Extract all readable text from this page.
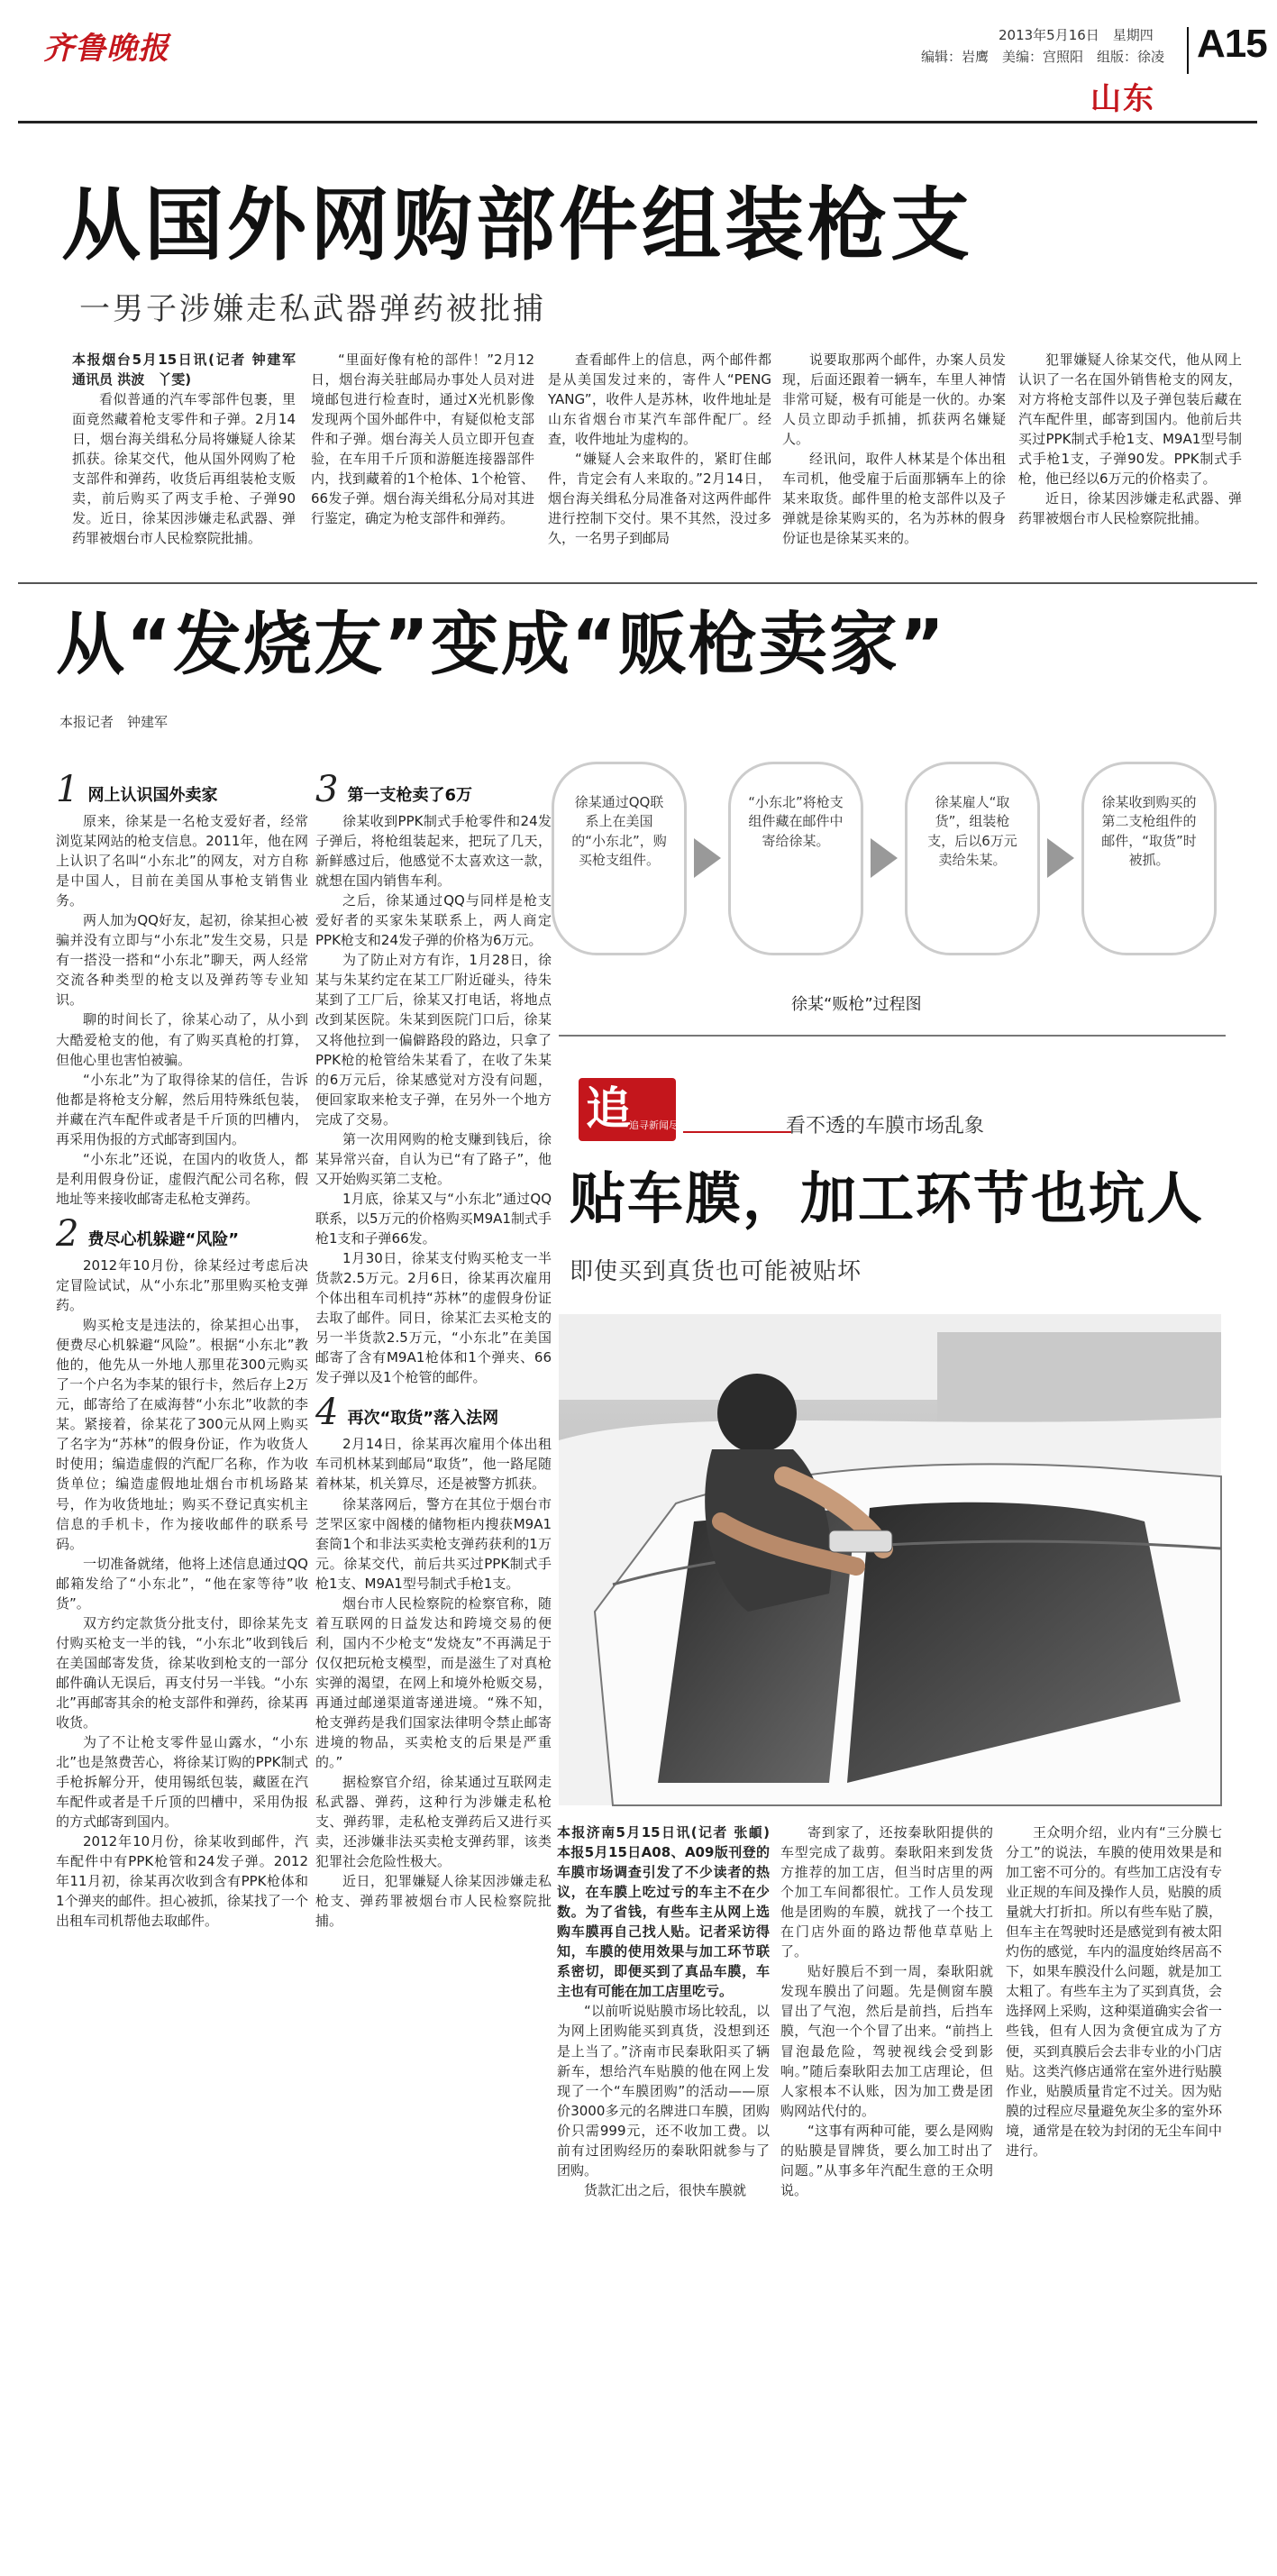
齐鲁晚报	2013年5月16日　星期四
编辑：岩鹰　美编：宫照阳　组版：徐凌 A15
山东
从国外网购部件组装枪支
一男子涉嫌走私武器弹药被批捕

本报烟台5月15日讯(记者 钟建军　通讯员 洪波　丫雯)

看似普通的汽车零部件包裹，里面竟然藏着枪支零件和子弹。2月14日，烟台海关缉私分局将嫌疑人徐某抓获。徐某交代，他从国外网购了枪支部件和弹药，收货后再组装枪支贩卖，前后购买了两支手枪、子弹90发。近日，徐某因涉嫌走私武器、弹药罪被烟台市人民检察院批捕。

“里面好像有枪的部件！”2月12日，烟台海关驻邮局办事处人员对进境邮包进行检查时，通过X光机影像发现两个国外邮件中，有疑似枪支部件和子弹。烟台海关人员立即开包查验，在车用千斤顶和游艇连接器部件内，找到藏着的1个枪体、1个枪管、66发子弹。烟台海关缉私分局对其进行鉴定，确定为枪支部件和弹药。

查看邮件上的信息，两个邮件都是从美国发过来的，寄件人“PENG YANG”，收件人是苏林，收件地址是山东省烟台市某汽车部件配厂。经查，收件地址为虚构的。

“嫌疑人会来取件的，紧盯住邮件，肯定会有人来取的。”2月14日，烟台海关缉私分局准备对这两件邮件进行控制下交付。果不其然，没过多久，一名男子到邮局

说要取那两个邮件，办案人员发现，后面还跟着一辆车，车里人神情非常可疑，极有可能是一伙的。办案人员立即动手抓捕，抓获两名嫌疑人。

经讯问，取件人林某是个体出租车司机，他受雇于后面那辆车上的徐某来取货。邮件里的枪支部件以及子弹就是徐某购买的，名为苏林的假身份证也是徐某买来的。

犯罪嫌疑人徐某交代，他从网上认识了一名在国外销售枪支的网友，对方将枪支部件以及子弹包装后藏在汽车配件里，邮寄到国内。他前后共买过PPK制式手枪1支、M9A1型号制式手枪1支，子弹90发。PPK制式手枪，他已经以6万元的价格卖了。

近日，徐某因涉嫌走私武器、弹药罪被烟台市人民检察院批捕。

从“发烧友”变成“贩枪卖家”
本报记者　钟建军
1 网上认识国外卖家

原来，徐某是一名枪支爱好者，经常浏览某网站的枪支信息。2011年，他在网上认识了名叫“小东北”的网友，对方自称是中国人，目前在美国从事枪支销售业务。

两人加为QQ好友，起初，徐某担心被骗并没有立即与“小东北”发生交易，只是有一搭没一搭和“小东北”聊天，两人经常交流各种类型的枪支以及弹药等专业知识。

聊的时间长了，徐某心动了，从小到大酷爱枪支的他，有了购买真枪的打算，但他心里也害怕被骗。

“小东北”为了取得徐某的信任，告诉他都是将枪支分解，然后用特殊纸包装，并藏在汽车配件或者是千斤顶的凹槽内，再采用伪报的方式邮寄到国内。

“小东北”还说，在国内的收货人，都是利用假身份证，虚假汽配公司名称，假地址等来接收邮寄走私枪支弹药。

2 费尽心机躲避“风险”

2012年10月份，徐某经过考虑后决定冒险试试，从“小东北”那里购买枪支弹药。

购买枪支是违法的，徐某担心出事，便费尽心机躲避“风险”。根据“小东北”教他的，他先从一外地人那里花300元购买了一个户名为李某的银行卡，然后存上2万元，邮寄给了在威海替“小东北”收款的李某。紧接着，徐某花了300元从网上购买了名字为“苏林”的假身份证，作为收货人时使用；编造虚假的汽配厂名称，作为收货单位；编造虚假地址烟台市机场路某号，作为收货地址；购买不登记真实机主信息的手机卡，作为接收邮件的联系号码。

一切准备就绪，他将上述信息通过QQ邮箱发给了“小东北”，“他在家等待”收货”。

双方约定款货分批支付，即徐某先支付购买枪支一半的钱，“小东北”收到钱后在美国邮寄发货，徐某收到枪支的一部分邮件确认无误后，再支付另一半钱。“小东北”再邮寄其余的枪支部件和弹药，徐某再收货。

为了不让枪支零件显山露水，“小东北”也是煞费苦心，将徐某订购的PPK制式手枪拆解分开，使用锡纸包装，藏匿在汽车配件或者是千斤顶的凹槽中，采用伪报的方式邮寄到国内。

2012年10月份，徐某收到邮件，汽车配件中有PPK枪管和24发子弹。2012年11月初，徐某再次收到含有PPK枪体和1个弹夹的邮件。担心被抓，徐某找了一个出租车司机帮他去取邮件。

3 第一支枪卖了6万

徐某收到PPK制式手枪零件和24发子弹后，将枪组装起来，把玩了几天，新鲜感过后，他感觉不太喜欢这一款，就想在国内销售车利。

之后，徐某通过QQ与同样是枪支爱好者的买家朱某联系上，两人商定PPK枪支和24发子弹的价格为6万元。

为了防止对方有诈，1月28日，徐某与朱某约定在某工厂附近碰头，待朱某到了工厂后，徐某又打电话，将地点改到某医院。朱某到医院门口后，徐某又将他拉到一偏僻路段的路边，只拿了PPK枪的枪管给朱某看了，在收了朱某的6万元后，徐某感觉对方没有问题，便回家取来枪支子弹，在另外一个地方完成了交易。

第一次用网购的枪支赚到钱后，徐某异常兴奋，自认为已“有了路子”，他又开始购买第二支枪。

1月底，徐某又与“小东北”通过QQ联系，以5万元的价格购买M9A1制式手枪1支和子弹66发。

1月30日，徐某支付购买枪支一半货款2.5万元。2月6日，徐某再次雇用个体出租车司机持“苏林”的虚假身份证去取了邮件。同日，徐某汇去买枪支的另一半货款2.5万元，“小东北”在美国邮寄了含有M9A1枪体和1个弹夹、66发子弹以及1个枪管的邮件。

4 再次“取货”落入法网

2月14日，徐某再次雇用个体出租车司机林某到邮局“取货”，他一路尾随着林某，机关算尽，还是被警方抓获。

徐某落网后，警方在其位于烟台市芝罘区家中阁楼的储物柜内搜获M9A1套筒1个和非法买卖枪支弹药获利的1万元。徐某交代，前后共买过PPK制式手枪1支、M9A1型号制式手枪1支。

烟台市人民检察院的检察官称，随着互联网的日益发达和跨境交易的便利，国内不少枪支“发烧友”不再满足于仅仅把玩枪支模型，而是滋生了对真枪实弹的渴望，在网上和境外枪贩交易，再通过邮递渠道寄递进境。“殊不知，枪支弹药是我们国家法律明令禁止邮寄进境的物品，买卖枪支的后果是严重的。”

据检察官介绍，徐某通过互联网走私武器、弹药，这种行为涉嫌走私枪支、弹药罪，走私枪支弹药后又进行买卖，还涉嫌非法买卖枪支弹药罪，该类犯罪社会危险性极大。

近日，犯罪嫌疑人徐某因涉嫌走私枪支、弹药罪被烟台市人民检察院批捕。

徐某通过QQ联系上在美国的“小东北”，购买枪支组件。
“小东北”将枪支组件藏在邮件中寄给徐某。
徐某雇人“取货”，组装枪支，后以6万元卖给朱某。
徐某收到购买的第二支枪组件的邮件，“取货”时被抓。
徐某“贩枪”过程图
追
追寻新闻尽头	看不透的车膜市场乱象
贴车膜，加工环节也坑人
即使买到真货也可能被贴坏

本报济南5月15日讯(记者 张頔)　本报5月15日A08、A09版刊登的车膜市场调查引发了不少读者的热议，在车膜上吃过亏的车主不在少数。为了省钱，有些车主从网上选购车膜再自己找人贴。记者采访得知，车膜的使用效果与加工环节联系密切，即便买到了真品车膜，车主也有可能在加工店里吃亏。

“以前听说贴膜市场比较乱，以为网上团购能买到真货，没想到还是上当了。”济南市民秦耿阳买了辆新车，想给汽车贴膜的他在网上发现了一个“车膜团购”的活动——原价3000多元的名牌进口车膜，团购价只需999元，还不收加工费。以前有过团购经历的秦耿阳就参与了团购。

货款汇出之后，很快车膜就

寄到家了，还按秦耿阳提供的车型完成了裁剪。秦耿阳来到发货方推荐的加工店，但当时店里的两个加工车间都很忙。工作人员发现他是团购的车膜，就找了一个技工在门店外面的路边帮他草草贴上了。

贴好膜后不到一周，秦耿阳就发现车膜出了问题。先是侧窗车膜冒出了气泡，然后是前挡，后挡车膜，气泡一个个冒了出来。“前挡上冒泡最危险，驾驶视线会受到影响。”随后秦耿阳去加工店理论，但人家根本不认账，因为加工费是团购网站代付的。

“这事有两种可能，要么是网购的贴膜是冒牌货，要么加工时出了问题。”从事多年汽配生意的王众明说。

王众明介绍，业内有“三分膜七分工”的说法，车膜的使用效果是和加工密不可分的。有些加工店没有专业正规的车间及操作人员，贴膜的质量就大打折扣。所以有些车贴了膜，但车主在驾驶时还是感觉到有被太阳灼伤的感觉，车内的温度始终居高不下，如果车膜没什么问题，就是加工太粗了。有些车主为了买到真货，会选择网上采购，这种渠道确实会省一些钱，但有人因为贪便宜成为了方便，买到真膜后会去非专业的小门店贴。这类汽修店通常在室外进行贴膜作业，贴膜质量肯定不过关。因为贴膜的过程应尽量避免灰尘多的室外环境，通常是在较为封闭的无尘车间中进行。
